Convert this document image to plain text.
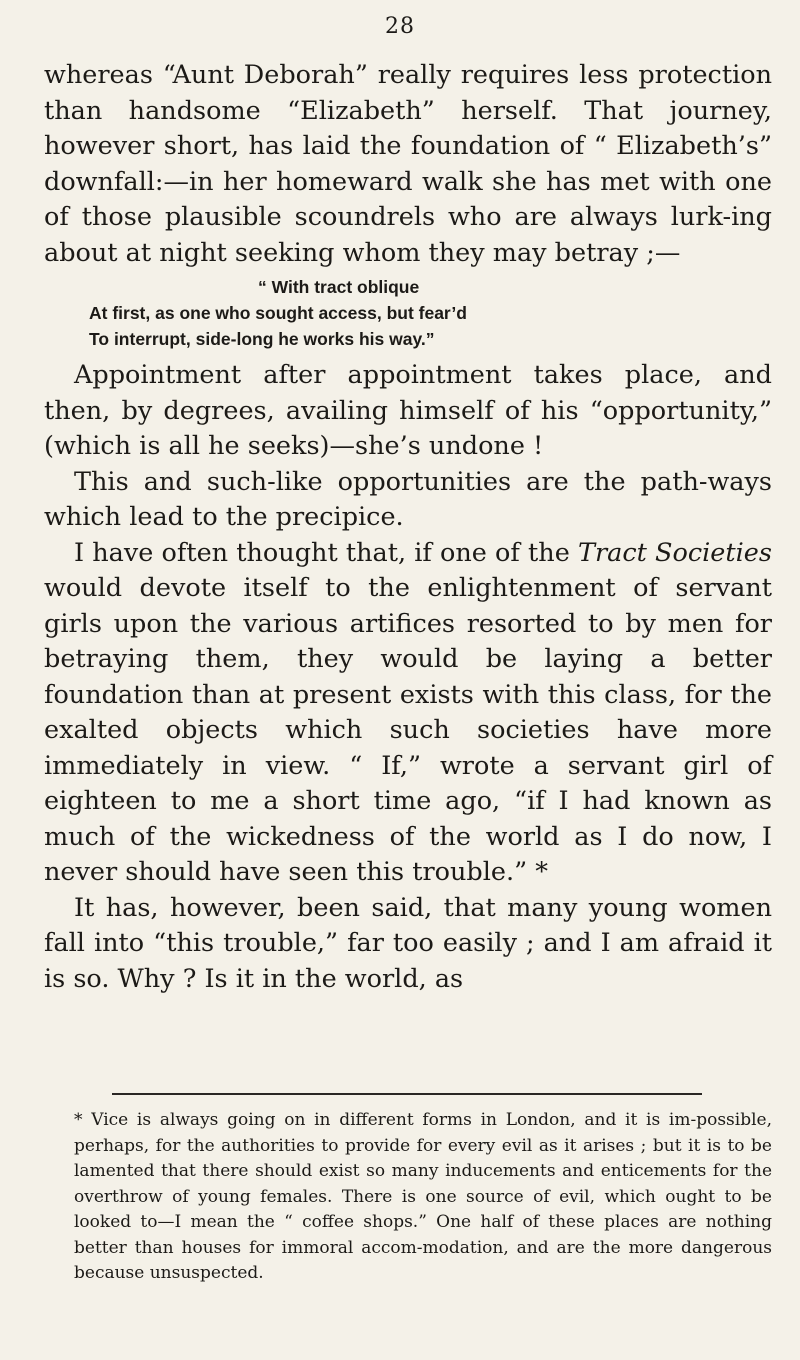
28

whereas “Aunt Deborah” really requires less protection than handsome “Elizabeth” herself. That journey, however short, has laid the foundation of “ Elizabeth’s” downfall:—in her homeward walk she has met with one of those plausible scoundrels who are always lurk-ing about at night seeking whom they may betray ;—

“ With tract oblique
At first, as one who sought access, but fear’d
To interrupt, side-long he works his way.”

Appointment after appointment takes place, and then, by degrees, availing himself of his “opportunity,” (which is all he seeks)—she’s undone !

This and such-like opportunities are the path-ways which lead to the precipice.

I have often thought that, if one of the Tract Societies would devote itself to the enlightenment of servant girls upon the various artifices resorted to by men for betraying them, they would be laying a better foundation than at present exists with this class, for the exalted objects which such societies have more immediately in view. “ If,” wrote a servant girl of eighteen to me a short time ago, “if I had known as much of the wickedness of the world as I do now, I never should have seen this trouble.” *

It has, however, been said, that many young women fall into “this trouble,” far too easily ; and I am afraid it is so. Why ? Is it in the world, as

* Vice is always going on in different forms in London, and it is im-possible, perhaps, for the authorities to provide for every evil as it arises ; but it is to be lamented that there should exist so many inducements and enticements for the overthrow of young females. There is one source of evil, which ought to be looked to—I mean the “ coffee shops.” One half of these places are nothing better than houses for immoral accom-modation, and are the more dangerous because unsuspected.
